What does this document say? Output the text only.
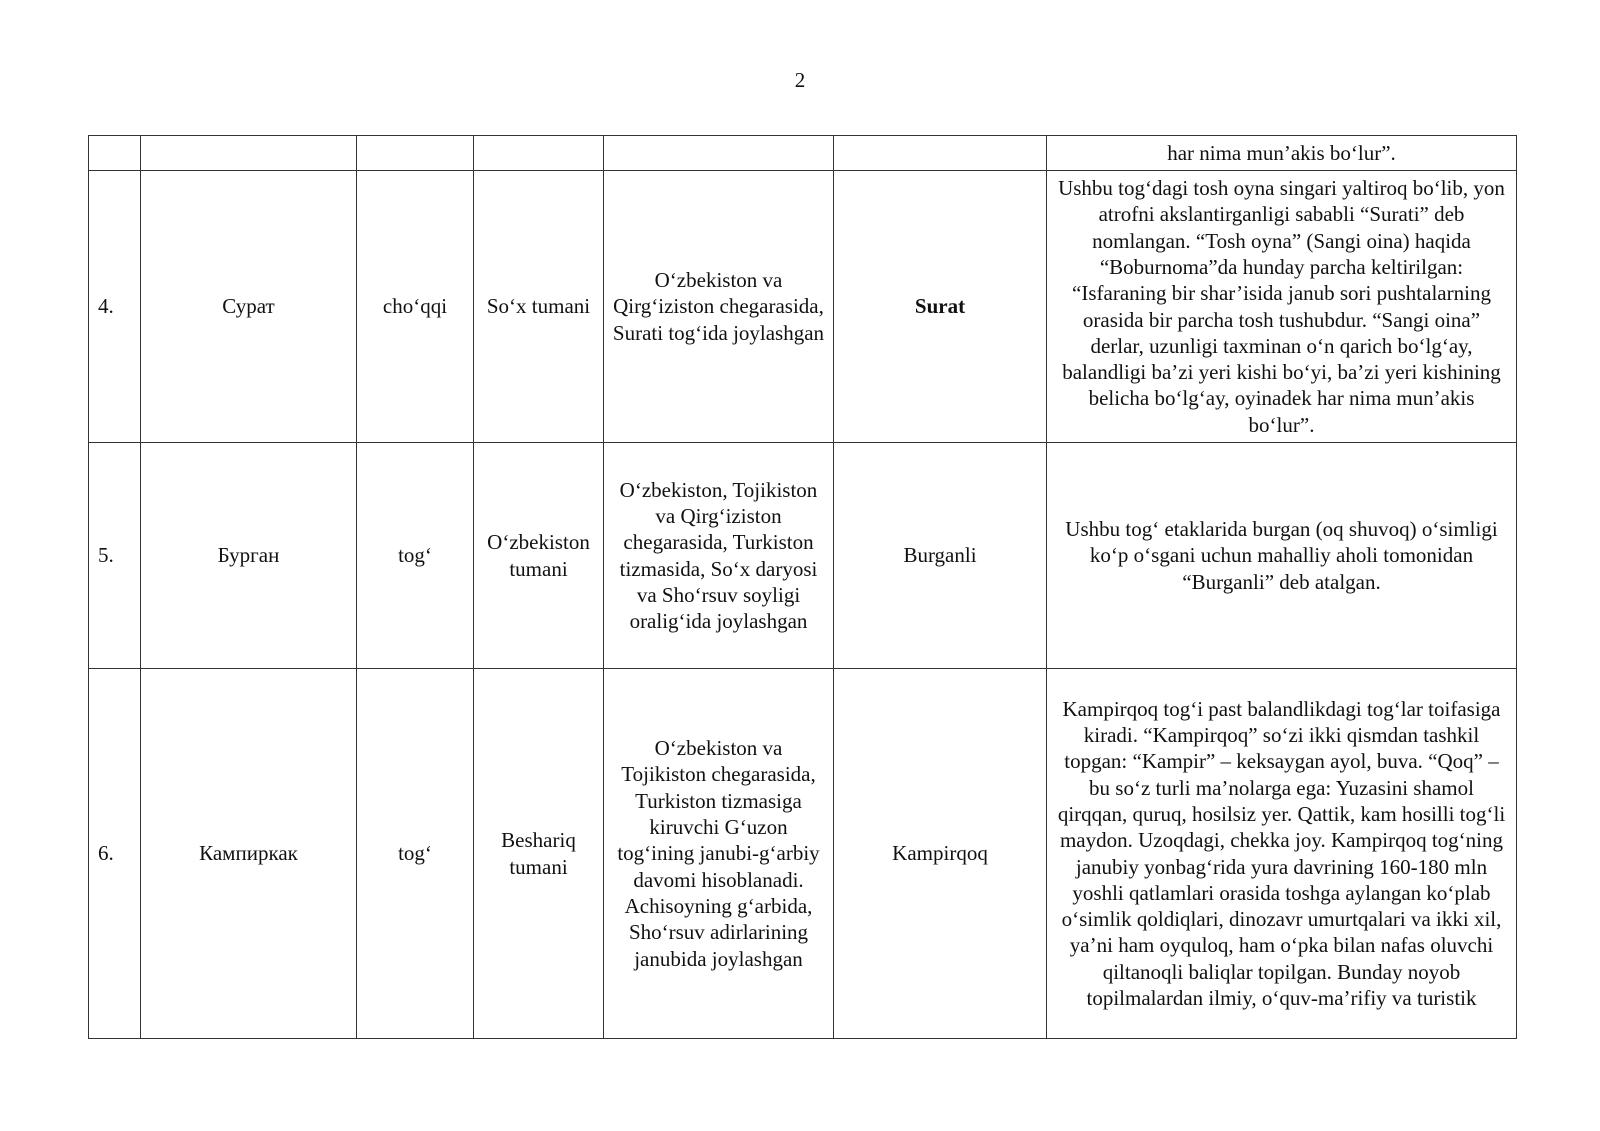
2
						har nima mun’akis bo‘lur”.
4.	Сурат	cho‘qqi	So‘x tumani	O‘zbekiston va Qirg‘iziston chegarasida, Surati tog‘ida joylashgan	Surat	Ushbu tog‘dagi tosh oyna singari yaltiroq bo‘lib, yon atrofni akslantirganligi sababli “Surati” deb nomlangan. “Tosh oyna” (Sangi oina) haqida “Boburnoma”da hunday parcha keltirilgan: “Isfaraning bir shar’isida janub sori pushtalarning orasida bir parcha tosh tushubdur. “Sangi oina” derlar, uzunligi taxminan o‘n qarich bo‘lg‘ay, balandligi ba’zi yeri kishi bo‘yi, ba’zi yeri kishining belicha bo‘lg‘ay, oyinadek har nima mun’akis bo‘lur”.
5.	Бурган	tog‘	O‘zbekiston tumani	O‘zbekiston, Tojikiston va Qirg‘iziston chegarasida, Turkiston tizmasida, So‘x daryosi va Sho‘rsuv soyligi oralig‘ida joylashgan	Burganli	Ushbu tog‘ etaklarida burgan (oq shuvoq) o‘simligi ko‘p o‘sgani uchun mahalliy aholi tomonidan “Burganli” deb atalgan.
6.	Кампиркак	tog‘	Beshariq tumani	O‘zbekiston va Tojikiston chegarasida, Turkiston tizmasiga kiruvchi G‘uzon tog‘ining janubi-g‘arbiy davomi hisoblanadi. Achisoyning g‘arbida, Sho‘rsuv adirlarining janubida joylashgan	Kampirqoq	Kampirqoq tog‘i past balandlikdagi tog‘lar toifasiga kiradi. “Kampirqoq” so‘zi ikki qismdan tashkil topgan: “Kampir” – keksaygan ayol, buva. “Qoq” – bu so‘z turli ma’nolarga ega: Yuzasini shamol qirqqan, quruq, hosilsiz yer. Qattik, kam hosilli tog‘li maydon. Uzoqdagi, chekka joy. Kampirqoq tog‘ning janubiy yonbag‘rida yura davrining 160-180 mln yoshli qatlamlari orasida toshga aylangan ko‘plab o‘simlik qoldiqlari, dinozavr umurtqalari va ikki xil, ya’ni ham oyquloq, ham o‘pka bilan nafas oluvchi qiltanoqli baliqlar topilgan. Bunday noyob topilmalardan ilmiy, o‘quv-ma’rifiy va turistik
